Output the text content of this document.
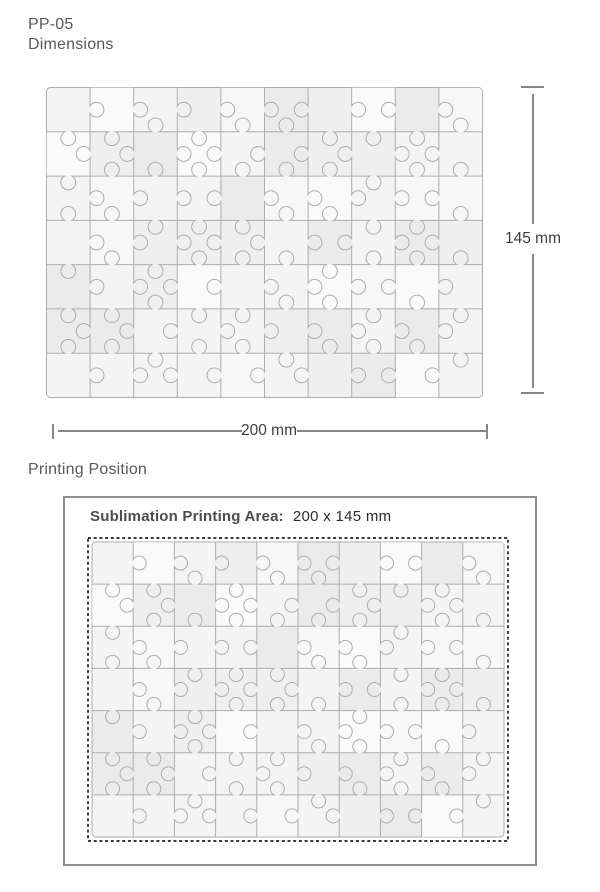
PP-05
Dimensions
145 mm
200 mm
Printing Position
Sublimation Printing Area: 200 x 145 mm
